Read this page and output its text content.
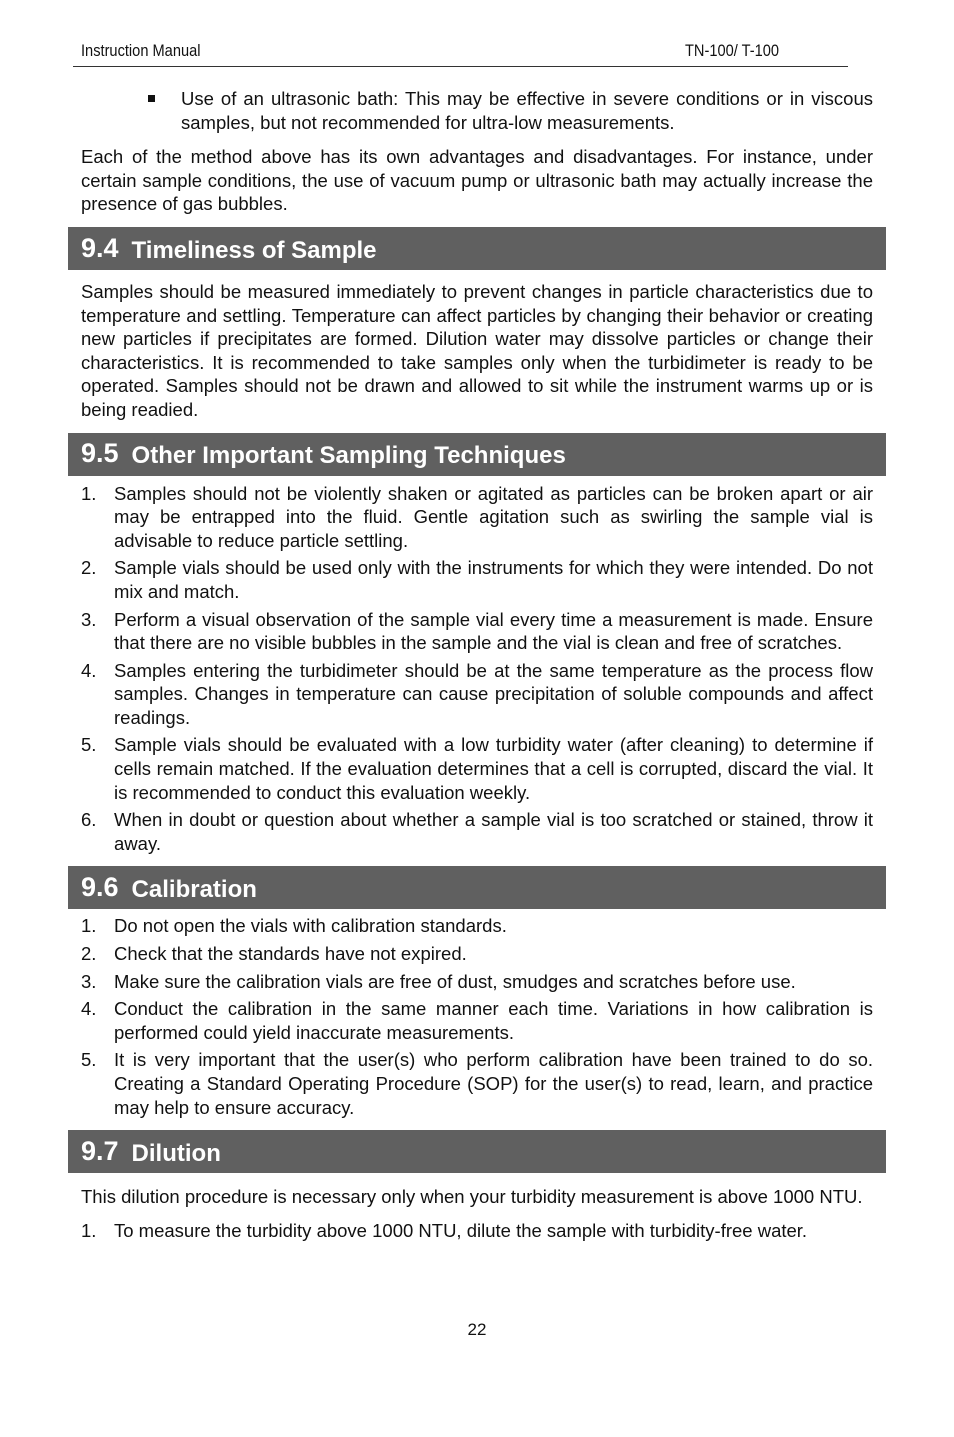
Instruction Manual	TN-100/ T-100
Use of an ultrasonic bath: This may be effective in severe conditions or in viscous samples, but not recommended for ultra-low measurements.

Each of the method above has its own advantages and disadvantages. For instance, under certain sample conditions, the use of vacuum pump or ultrasonic bath may actually increase the presence of gas bubbles.

9.4 Timeliness of Sample

Samples should be measured immediately to prevent changes in particle characteristics due to temperature and settling. Temperature can affect particles by changing their behavior or creating new particles if precipitates are formed. Dilution water may dissolve particles or change their characteristics. It is recommended to take samples only when the turbidimeter is ready to be operated. Samples should not be drawn and allowed to sit while the instrument warms up or is being readied.

9.5 Other Important Sampling Techniques
1. Samples should not be violently shaken or agitated as particles can be broken apart or air may be entrapped into the fluid. Gentle agitation such as swirling the sample vial is advisable to reduce particle settling.
2. Sample vials should be used only with the instruments for which they were intended. Do not mix and match.
3. Perform a visual observation of the sample vial every time a measurement is made. Ensure that there are no visible bubbles in the sample and the vial is clean and free of scratches.
4. Samples entering the turbidimeter should be at the same temperature as the process flow samples. Changes in temperature can cause precipitation of soluble compounds and affect readings.
5. Sample vials should be evaluated with a low turbidity water (after cleaning) to determine if cells remain matched. If the evaluation determines that a cell is corrupted, discard the vial. It is recommended to conduct this evaluation weekly.
6. When in doubt or question about whether a sample vial is too scratched or stained, throw it away.
9.6 Calibration
1. Do not open the vials with calibration standards.
2. Check that the standards have not expired.
3. Make sure the calibration vials are free of dust, smudges and scratches before use.
4. Conduct the calibration in the same manner each time. Variations in how calibration is performed could yield inaccurate measurements.
5. It is very important that the user(s) who perform calibration have been trained to do so. Creating a Standard Operating Procedure (SOP) for the user(s) to read, learn, and practice may help to ensure accuracy.
9.7 Dilution

This dilution procedure is necessary only when your turbidity measurement is above 1000 NTU.

1. To measure the turbidity above 1000 NTU, dilute the sample with turbidity-free water.
22
